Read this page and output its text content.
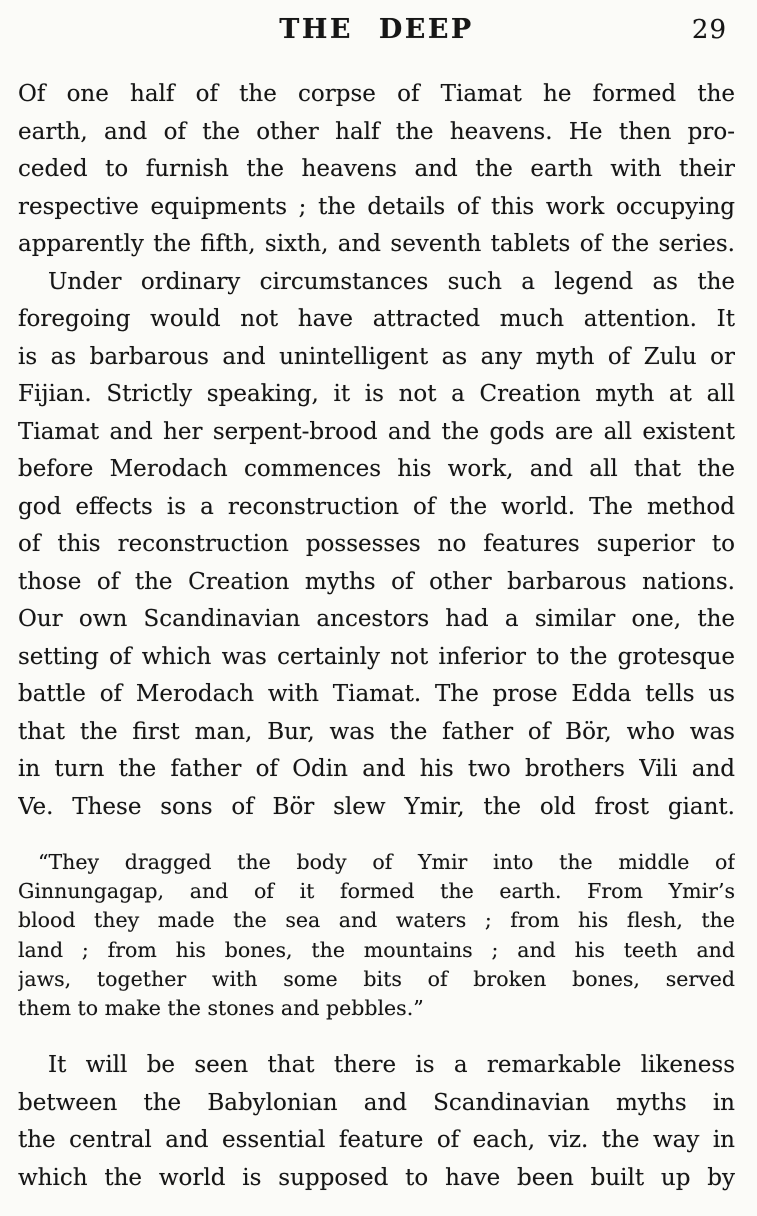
THE DEEP	29
Of one half of the corpse of Tiamat he formed the
earth, and of the other half the heavens. He then pro-
ceded to furnish the heavens and the earth with their
respective equipments ; the details of this work occupying
apparently the fifth, sixth, and seventh tablets of the series.
Under ordinary circumstances such a legend as the
foregoing would not have attracted much attention. It
is as barbarous and unintelligent as any myth of Zulu or
Fijian. Strictly speaking, it is not a Creation myth at all
Tiamat and her serpent-brood and the gods are all existent
before Merodach commences his work, and all that the
god effects is a reconstruction of the world. The method
of this reconstruction possesses no features superior to
those of the Creation myths of other barbarous nations.
Our own Scandinavian ancestors had a similar one, the
setting of which was certainly not inferior to the grotesque
battle of Merodach with Tiamat. The prose Edda tells us
that the first man, Bur, was the father of Bör, who was
in turn the father of Odin and his two brothers Vili and
Ve. These sons of Bör slew Ymir, the old frost giant.
“They dragged the body of Ymir into the middle of
Ginnungagap, and of it formed the earth. From Ymir’s
blood they made the sea and waters ; from his flesh, the
land ; from his bones, the mountains ; and his teeth and
jaws, together with some bits of broken bones, served
them to make the stones and pebbles.”
It will be seen that there is a remarkable likeness
between the Babylonian and Scandinavian myths in
the central and essential feature of each, viz. the way in
which the world is supposed to have been built up by
